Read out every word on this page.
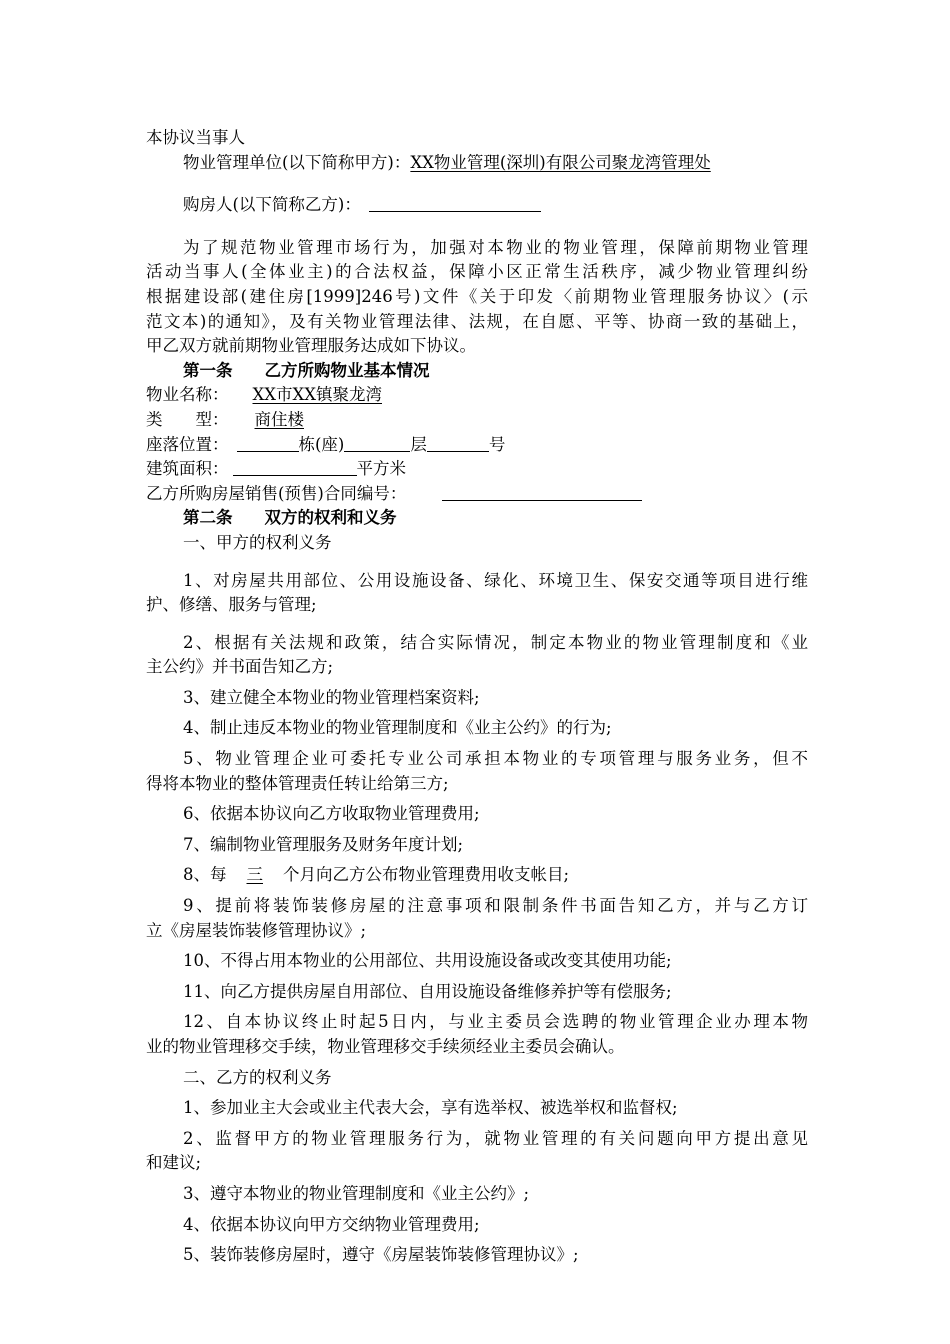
本协议当事人
物业管理单位(以下简称甲方)：XX物业管理(深圳)有限公司聚龙湾管理处
购房人(以下简称乙方)：
为了规范物业管理市场行为，加强对本物业的物业管理，保障前期物业管理
活动当事人(全体业主)的合法权益，保障小区正常生活秩序，减少物业管理纠纷
根据建设部(建住房[1999]246号)文件《关于印发〈前期物业管理服务协议〉(示
范文本)的通知》，及有关物业管理法律、法规，在自愿、平等、协商一致的基础上，
甲乙双方就前期物业管理服务达成如下协议。
第一条 乙方所购物业基本情况
物业名称： XX市XX镇聚龙湾
类　　型： 商住楼
座落位置：	栋(座)	层	号
建筑面积：	平方米
乙方所购房屋销售(预售)合同编号：
第二条 双方的权利和义务
一、甲方的权利义务
1、对房屋共用部位、公用设施设备、绿化、环境卫生、保安交通等项目进行维
护、修缮、服务与管理;
2、根据有关法规和政策，结合实际情况，制定本物业的物业管理制度和《业
主公约》并书面告知乙方;
3、建立健全本物业的物业管理档案资料;
4、制止违反本物业的物业管理制度和《业主公约》的行为;
5、物业管理企业可委托专业公司承担本物业的专项管理与服务业务，但不
得将本物业的整体管理责任转让给第三方;
6、依据本协议向乙方收取物业管理费用;
7、编制物业管理服务及财务年度计划;
8、每 三 个月向乙方公布物业管理费用收支帐目;
9、提前将装饰装修房屋的注意事项和限制条件书面告知乙方，并与乙方订
立《房屋装饰装修管理协议》;
10、不得占用本物业的公用部位、共用设施设备或改变其使用功能;
11、向乙方提供房屋自用部位、自用设施设备维修养护等有偿服务;
12、自本协议终止时起5日内，与业主委员会选聘的物业管理企业办理本物
业的物业管理移交手续，物业管理移交手续须经业主委员会确认。
二、乙方的权利义务
1、参加业主大会或业主代表大会，享有选举权、被选举权和监督权;
2、监督甲方的物业管理服务行为，就物业管理的有关问题向甲方提出意见
和建议;
3、遵守本物业的物业管理制度和《业主公约》;
4、依据本协议向甲方交纳物业管理费用;
5、装饰装修房屋时，遵守《房屋装饰装修管理协议》;
